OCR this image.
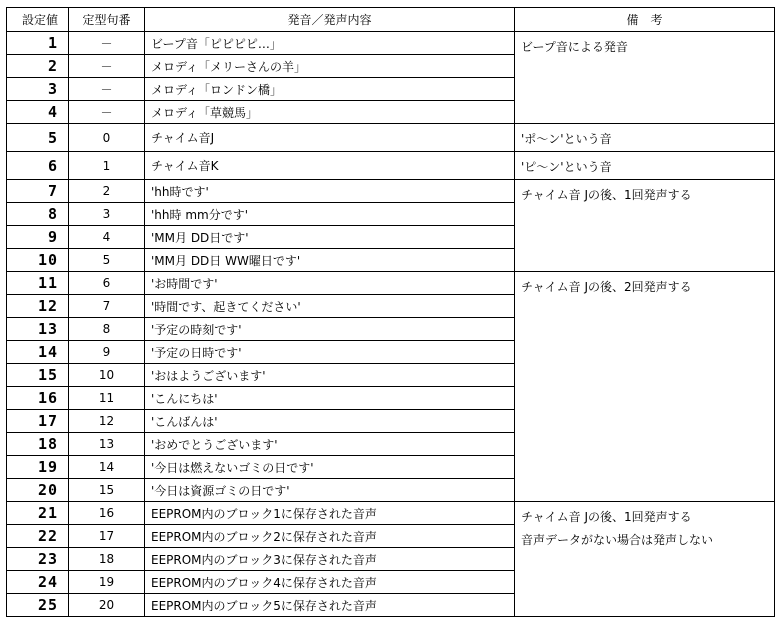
設定値	定型句番	発音／発声内容	備　考
1	－	ビープ音「ピピピピ…」	ビープ音による発音

2	－	メロディ「メリーさんの羊」	
3	－	メロディ「ロンドン橋」	
4	－	メロディ「草競馬」	
5	0	チャイム音J	'ポ～ン'という音

6	1	チャイム音K	'ピ～ン'という音

7	2	'hh時です'	チャイム音 Jの後、1回発声する

8	3	'hh時 mm分です'	
9	4	'MM月 DD日です'	
10	5	'MM月 DD日 WW曜日です'	
11	6	'お時間です'	チャイム音 Jの後、2回発声する

12	7	'時間です、起きてください'	
13	8	'予定の時刻です'	
14	9	'予定の日時です'	
15	10	'おはようございます'	
16	11	'こんにちは'	
17	12	'こんばんは'	
18	13	'おめでとうございます'	
19	14	'今日は燃えないゴミの日です'	
20	15	'今日は資源ゴミの日です'	
21	16	EEPROM内のブロック1に保存された音声	チャイム音 Jの後、1回発声する
音声データがない場合は発声しない

22	17	EEPROM内のブロック2に保存された音声	
23	18	EEPROM内のブロック3に保存された音声	
24	19	EEPROM内のブロック4に保存された音声	
25	20	EEPROM内のブロック5に保存された音声	
